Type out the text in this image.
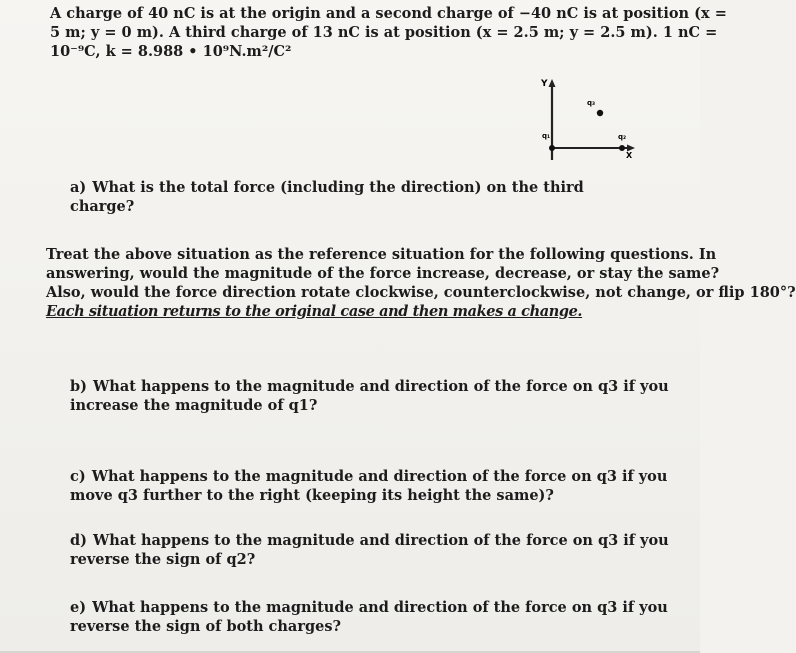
A charge of 40 nC is at the origin and a second charge of −40 nC is at position (x =
5 m; y = 0 m). A third charge of 13 nC is at position (x = 2.5 m; y = 2.5 m). 1 nC =
10⁻⁹C, k = 8.988 • 10⁹N.m²/C²
Y
X
q₁	q₂
q₃

a) What is the total force (including the direction) on the third charge?

Treat the above situation as the reference situation for the following questions. In
answering, would the magnitude of the force increase, decrease, or stay the same?
Also, would the force direction rotate clockwise, counterclockwise, not change, or flip 180°?
Each situation returns to the original case and then makes a change.

b) What happens to the magnitude and direction of the force on q3 if you increase the magnitude of q1?

c) What happens to the magnitude and direction of the force on q3 if you move q3 further to the right (keeping its height the same)?

d) What happens to the magnitude and direction of the force on q3 if you reverse the sign of q2?

e) What happens to the magnitude and direction of the force on q3 if you reverse the sign of both charges?
